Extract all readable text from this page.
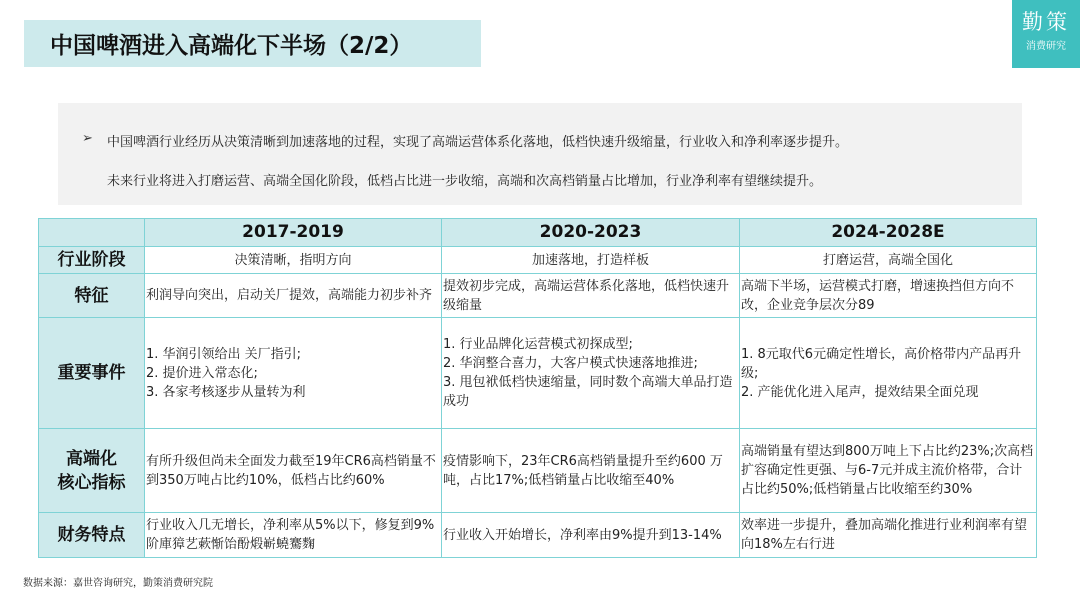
中国啤酒进入高端化下半场（2/2）
勤策
消费研究
➢ 中国啤酒行业经历从决策清晰到加速落地的过程，实现了高端运营体系化落地，低档快速升级缩量，行业收入和净利率逐步提升。
未来行业将进入打磨运营、高端全国化阶段，低档占比进一步收缩，高端和次高档销量占比增加，行业净利率有望继续提升。
	2017-2019	2020-2023	2024-2028E
行业阶段	决策清晰，指明方向	加速落地，打造样板	打磨运营，高端全国化
特征	利润导向突出，启动关厂提效，高端能力初步补齐	提效初步完成，高端运营体系化落地，低档快速升级缩量	高端下半场，运营模式打磨，增速换挡但方向不改，企业竞争层次分89
重要事件	1. 华润引领给出 关厂指引;
2. 提价进入常态化;
3. 各家考核逐步从量转为利	1. 行业品牌化运营模式初探成型;
2. 华润整合喜力，大客户模式快速落地推进;
3. 甩包袱低档快速缩量，同时数个高端大单品打造成功	1. 8元取代6元确定性增长，高价格带内产品再升级;
2. 产能优化进入尾声，提效结果全面兑现

高端化
核心指标	有所升级但尚未全面发力截至19年CR6高档销量不到350万吨占比约10%，低档占比约60%	疫情影响下，23年CR6高档销量提升至约600 万吨，占比17%;低档销量占比收缩至40%	高端销量有望达到800万吨上下占比约23%;次高档扩容确定性更强、与6-7元并成主流价格带，合计占比约50%;低档销量占比收缩至约30%
财务特点	行业收入几无增长，净利率从5%以下，修复到9%阶庫獐艺蔌惭饴酚煅嶄蟯騫麴	行业收入开始增长，净利率由9%提升到13-14%	效率进一步提升，叠加高端化推进行业利润率有望向18%左右行进
数据来源：嘉世咨询研究，勤策消费研究院
